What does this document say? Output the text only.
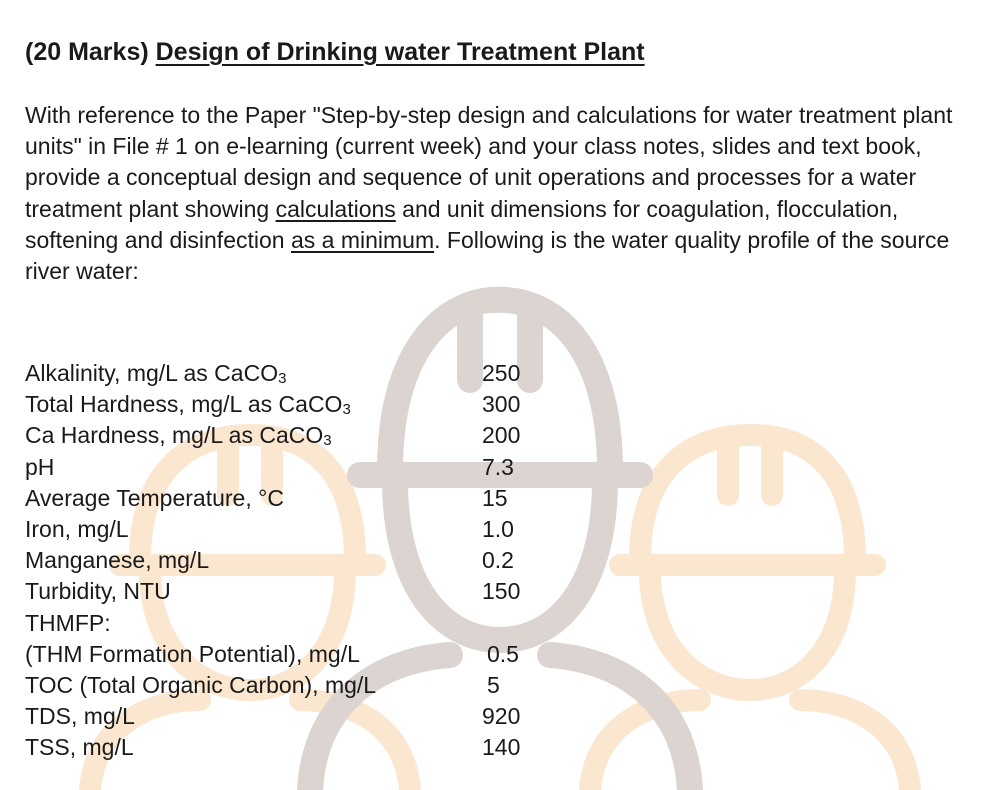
(20 Marks) Design of Drinking water Treatment Plant
With reference to the Paper "Step-by-step design and calculations for water treatment plant units" in File # 1 on e-learning (current week) and your class notes, slides and text book, provide a conceptual design and sequence of unit operations and processes for a water treatment plant showing calculations and unit dimensions for coagulation, flocculation, softening and disinfection as a minimum. Following is the water quality profile of the source river water:
Alkalinity, mg/L as CaCO$_3$	250
Total Hardness, mg/L as CaCO$_3$	300
Ca Hardness, mg/L as CaCO$_3$	200
pH	7.3
Average Temperature, °C	15
Iron, mg/L	1.0
Manganese, mg/L	0.2
Turbidity, NTU	150
THMFP:
(THM Formation Potential), mg/L	0.5
TOC (Total Organic Carbon), mg/L	5
TDS, mg/L	920
TSS, mg/L	140
